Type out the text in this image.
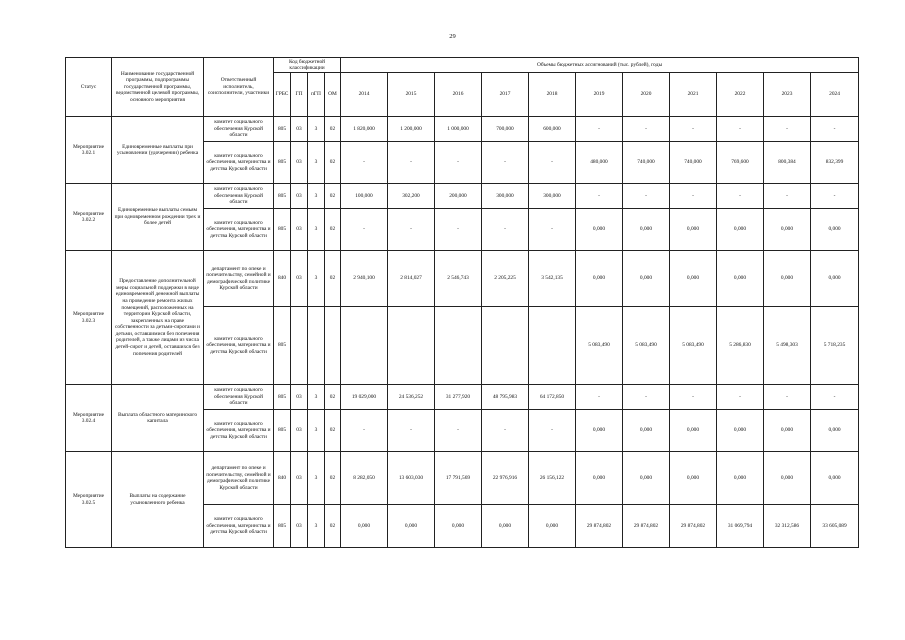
29
Статус	Наименование государственной программы, подпрограммы государственной программы, ведомственной целевой программы, основного мероприятия	Ответственный исполнитель, соисполнители, участники	Код бюджетной классификации				Объемы бюджетных ассигнований (тыс. рублей), годы										
			ГРБС	ГП	пГП	ОМ	2014	2015	2016	2017	2018	2019	2020	2021	2022	2023	2024
Мероприятие 3.02.1	Единовременные выплаты при усыновлении (удочерении) ребенка	комитет социального обеспечения Курской области	805	03	3	02	1 820,000	1 200,000	1 000,000	700,000	600,000	-	-	-	-	-	-
		комитет социального обеспечения, материнства и детства Курской области	805	03	3	02	-	-	-	-	-	480,000	740,000	740,000	769,600	800,384	832,399
Мероприятие 3.02.2	Единовременные выплаты семьям при одновременном рождении трех и более детей	комитет социального обеспечения Курской области	805	03	3	02	100,000	302,200	200,000	300,000	300,000	-	-	-	-	-	-
		комитет социального обеспечения, материнства и детства Курской области	805	03	3	02	-	-	-	-	-	0,000	0,000	0,000	0,000	0,000	0,000
Мероприятие 3.02.3	Предоставление дополнительной меры социальной поддержки в виде единовременной денежной выплаты на проведение ремонта жилых помещений, расположенных на территории Курской области, закрепленных на праве собственности за детьми-сиротами и детьми, оставшимися без попечения родителей, а также лицами из числа детей-сирот и детей, оставшихся без попечения родителей	департамент по опеке и попечительству, семейной и демографической политике Курской области	840	03	3	02	2 940,100	2 814,027	2 546,743	2 205,225	3 542,135	0,000	0,000	0,000	0,000	0,000	0,000
		комитет социального обеспечения, материнства и детства Курской области	805									5 083,490	5 083,490	5 083,490	5 286,830	5 498,303	5 718,235
Мероприятие 3.02.4	Выплата областного материнского капитала	комитет социального обеспечения Курской области	805	03	3	02	19 029,000	24 536,252	31 277,920	48 795,983	64 172,850	-	-	-	-	-	-
		комитет социального обеспечения, материнства и детства Курской области	805	03	3	02	-	-	-	-	-	0,000	0,000	0,000	0,000	0,000	0,000
Мероприятие 3.02.5	Выплаты на содержание усыновленного ребенка	департамент по опеке и попечительству, семейной и демографической политике Курской области	840	03	3	02	8 282,050	13 603,030	17 791,569	22 976,916	26 156,122	0,000	0,000	0,000	0,000	0,000	0,000
		комитет социального обеспечения, материнства и детства Курской области	805	03	3	02	0,000	0,000	0,000	0,000	0,000	29 874,802	29 874,802	29 874,802	31 069,794	32 312,586	33 605,089
